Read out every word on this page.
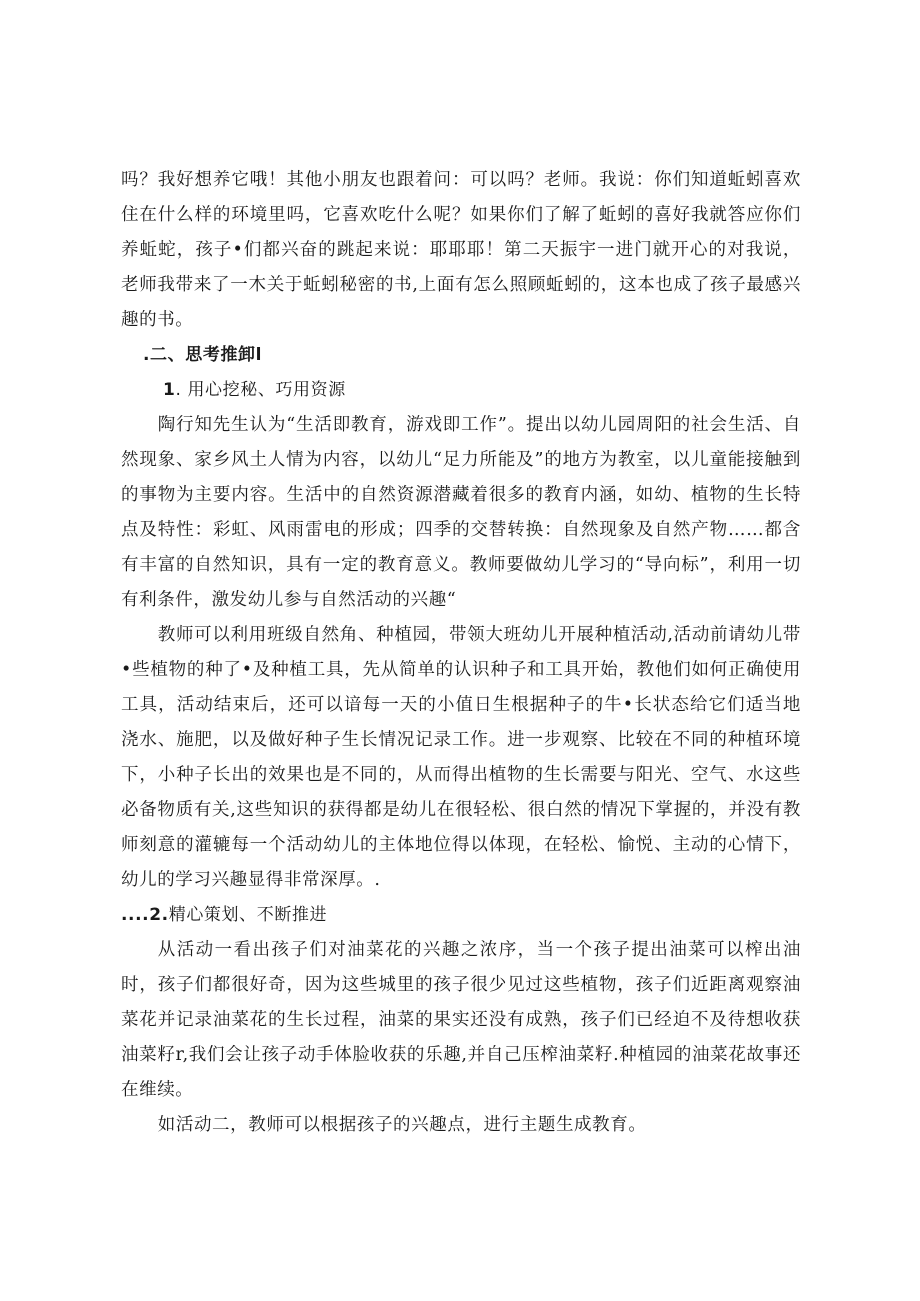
吗？我好想养它哦！其他小朋友也跟着问：可以吗？老师。我说：你们知道蚯蚓喜欢住在什么样的环境里吗，它喜欢吃什么呢？如果你们了解了蚯蚓的喜好我就答应你们养蚯蛇，孩子•们都兴奋的跳起来说：耶耶耶！第二天振宇一进门就开心的对我说，老师我带来了一木关于蚯蚓秘密的书,上面有怎么照顾蚯蚓的，这本也成了孩子最感兴趣的书。

.二、思考推卸l

1. 用心挖秘、巧用资源

陶行知先生认为“生活即教育，游戏即工作”。提出以幼儿园周阳的社会生活、自然现象、家乡风土人情为内容，以幼儿“足力所能及”的地方为教室，以儿童能接触到的事物为主要内容。生活中的自然资源潜藏着很多的教育内涵，如幼、植物的生长特点及特性：彩虹、风雨雷电的形成；四季的交替转换：自然现象及自然产物……都含有丰富的自然知识，具有一定的教育意义。教师要做幼儿学习的“导向标”，利用一切有利条件，激发幼儿参与自然活动的兴趣“

教师可以利用班级自然角、种植园，带领大班幼儿开展种植活动,活动前请幼儿带•些植物的种了•及种植工具，先从简单的认识种子和工具开始，教他们如何正确使用工具，活动结束后，还可以谙每一天的小值日生根据种子的牛•长状态给它们适当地浇水、施肥，以及做好种子生长情况记录工作。进一步观察、比较在不同的种植环境下，小种子长出的效果也是不同的，从而得出植物的生长需要与阳光、空气、水这些必备物质有关,这些知识的获得都是幼儿在很轻松、很白然的情况下掌握的，并没有教师刻意的灌辘每一个活动幼儿的主体地位得以体现，在轻松、愉悦、主动的心情下，幼儿的学习兴趣显得非常深厚。.

....2.精心策划、不断推进

从活动一看出孩子们对油菜花的兴趣之浓序，当一个孩子提出油菜可以榨出油时，孩子们都很好奇，因为这些城里的孩子很少见过这些植物，孩子们近距离观察油菜花并记录油菜花的生长过程，油菜的果实还没有成熟，孩子们已经迫不及待想收获油菜籽r,我们会让孩子动手体脸收获的乐趣,并自己压榨油菜籽.种植园的油菜花故事还在维续。

如活动二，教师可以根据孩子的兴趣点，进行主题生成教育。
